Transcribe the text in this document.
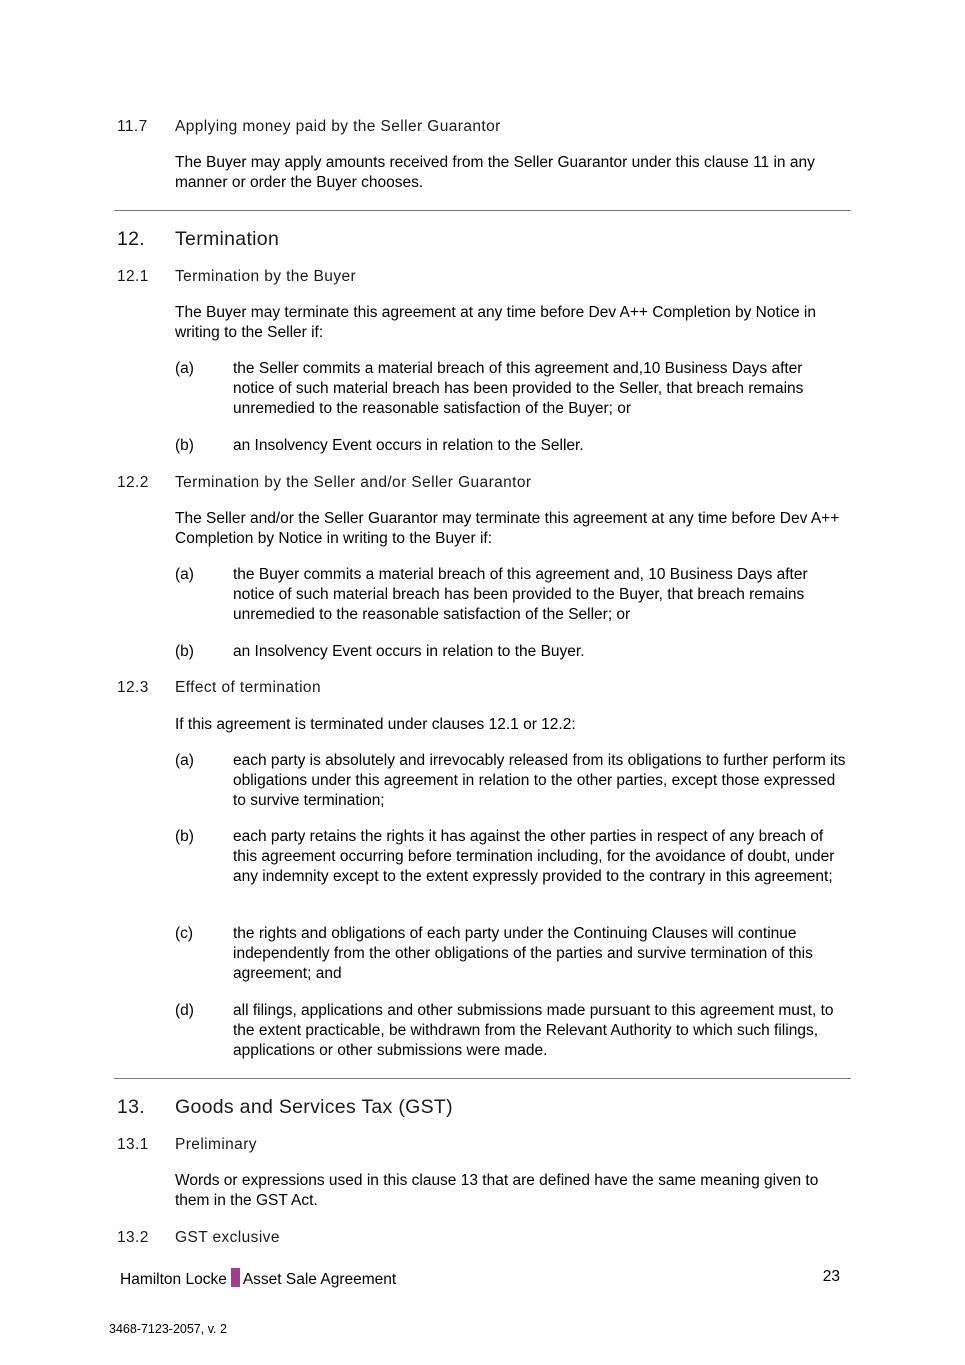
11.7 Applying money paid by the Seller Guarantor
The Buyer may apply amounts received from the Seller Guarantor under this clause 11 in any manner or order the Buyer chooses.
12. Termination
12.1 Termination by the Buyer
The Buyer may terminate this agreement at any time before Dev A++ Completion by Notice in writing to the Seller if:
(a)	the Seller commits a material breach of this agreement and,10 Business Days after notice of such material breach has been provided to the Seller, that breach remains unremedied to the reasonable satisfaction of the Buyer; or
(b)	an Insolvency Event occurs in relation to the Seller.
12.2 Termination by the Seller and/or Seller Guarantor
The Seller and/or the Seller Guarantor may terminate this agreement at any time before Dev A++ Completion by Notice in writing to the Buyer if:
(a)	the Buyer commits a material breach of this agreement and, 10 Business Days after notice of such material breach has been provided to the Buyer, that breach remains unremedied to the reasonable satisfaction of the Seller; or
(b)	an Insolvency Event occurs in relation to the Buyer.
12.3 Effect of termination
If this agreement is terminated under clauses 12.1 or 12.2:
(a)	each party is absolutely and irrevocably released from its obligations to further perform its obligations under this agreement in relation to the other parties, except those expressed to survive termination;
(b)	each party retains the rights it has against the other parties in respect of any breach of this agreement occurring before termination including, for the avoidance of doubt, under any indemnity except to the extent expressly provided to the contrary in this agreement;
(c)	the rights and obligations of each party under the Continuing Clauses will continue independently from the other obligations of the parties and survive termination of this agreement; and
(d)	all filings, applications and other submissions made pursuant to this agreement must, to the extent practicable, be withdrawn from the Relevant Authority to which such filings, applications or other submissions were made.
13. Goods and Services Tax (GST)
13.1 Preliminary
Words or expressions used in this clause 13 that are defined have the same meaning given to them in the GST Act.
13.2 GST exclusive
Hamilton Locke Asset Sale Agreement	23
3468-7123-2057, v. 2
